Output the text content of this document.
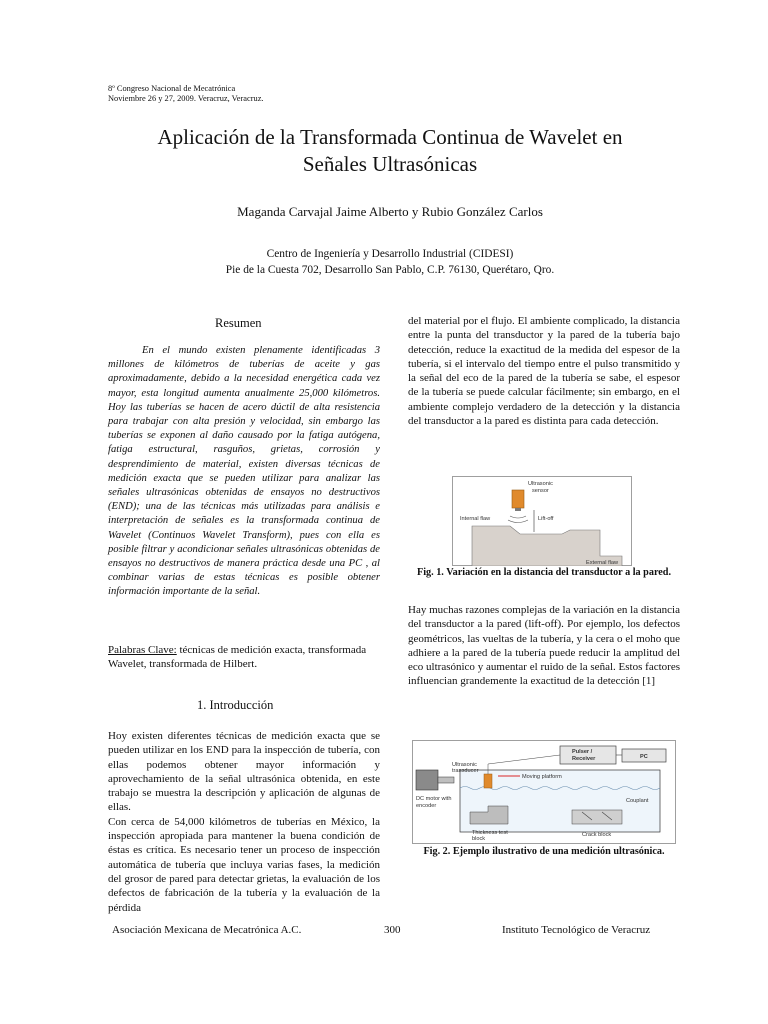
8º Congreso Nacional de Mecatrónica
Noviembre 26 y 27, 2009. Veracruz, Veracruz.
Aplicación de la Transformada Continua de Wavelet en
Señales Ultrasónicas
Maganda Carvajal Jaime Alberto y Rubio González Carlos
Centro de Ingeniería y Desarrollo Industrial (CIDESI)
Pie de la Cuesta 702, Desarrollo San Pablo, C.P. 76130, Querétaro, Qro.
Resumen

En el mundo existen plenamente identificadas 3 millones de kilómetros de tuberías de aceite y gas aproximadamente, debido a la necesidad energética cada vez mayor, esta longitud aumenta anualmente 25,000 kilómetros. Hoy las tuberías se hacen de acero dúctil de alta resistencia para trabajar con alta presión y velocidad, sin embargo las tuberías se exponen al daño causado por la fatiga autógena, fatiga estructural, rasguños, grietas, corrosión y desprendimiento de material, existen diversas técnicas de medición exacta que se pueden utilizar para analizar las señales ultrasónicas obtenidas de ensayos no destructivos (END); una de las técnicas más utilizadas para análisis e interpretación de señales es la transformada continua de Wavelet (Continuos Wavelet Transform), pues con ella es posible filtrar y acondicionar señales ultrasónicas obtenidas de ensayos no destructivos de manera práctica desde una PC , al combinar varias de estas técnicas es posible obtener información importante de la señal.

Palabras Clave: técnicas de medición exacta, transformada Wavelet, transformada de Hilbert.

1. Introducción

Hoy existen diferentes técnicas de medición exacta que se pueden utilizar en los END para la inspección de tubería, con ellas podemos obtener mayor información y aprovechamiento de la señal ultrasónica obtenida, en este trabajo se muestra la descripción y aplicación de algunas de ellas.

Con cerca de 54,000 kilómetros de tuberías en México, la inspección apropiada para mantener la buena condición de éstas es crítica. Es necesario tener un proceso de inspección automática de tubería que incluya varias fases, la medición del grosor de pared para detectar grietas, la evaluación de los defectos de fabricación de la tubería y la evaluación de la pérdida

del material por el flujo. El ambiente complicado, la distancia entre la punta del transductor y la pared de la tubería bajo detección, reduce la exactitud de la medida del espesor de la tubería, si el intervalo del tiempo entre el pulso transmitido y la señal del eco de la pared de la tubería se sabe, el espesor de la tubería se puede calcular fácilmente; sin embargo, en el ambiente complejo verdadero de la detección y la distancia del transductor a la pared es distinta para cada detección.

Ultrasonic
sensor
Lift-off
Internal flaw
External flaw
Fig. 1. Variación en la distancia del transductor a la pared.

Hay muchas razones complejas de la variación en la distancia del transductor a la pared (lift-off). Por ejemplo, los defectos geométricos, las vueltas de la tubería, y la cera o el moho que adhiere a la pared de la tubería puede reducir la amplitud del eco ultrasónico y aumentar el ruido de la señal. Estos factores influencian grandemente la exactitud de la detección [1]

Pulser /
Receiver	PC
DC motor with
encoder
Ultrasonic
transducer
Moving platform
Couplant
Thickness test
block
Crack block
Fig. 2. Ejemplo ilustrativo de una medición ultrasónica.
Asociación Mexicana de Mecatrónica A.C.	300	Instituto Tecnológico de Veracruz
